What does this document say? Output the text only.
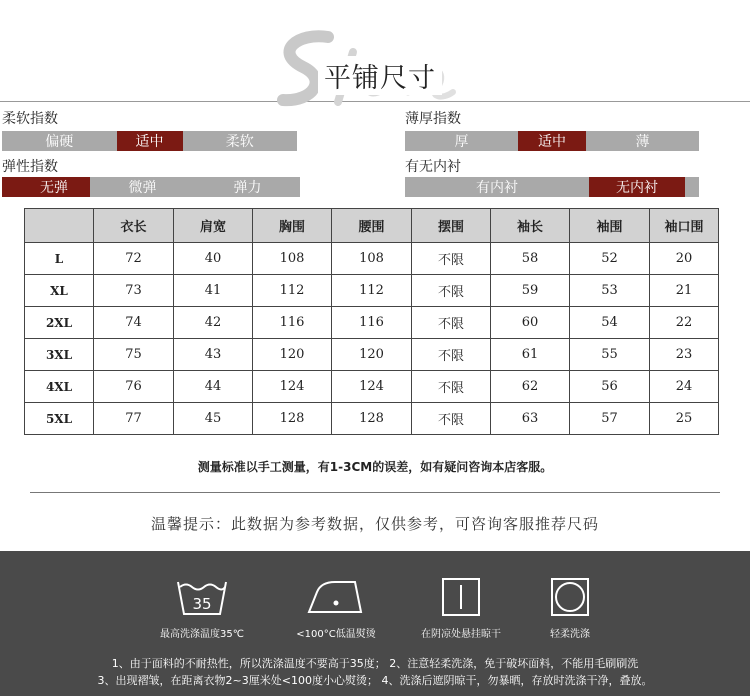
平铺尺寸
柔软指数
偏硬	适中	柔软
薄厚指数
厚	适中	薄
弹性指数
无弹	微弹	弹力
有无内衬
有内衬	无内衬
	衣长	肩宽	胸围	腰围	摆围	袖长	袖围	袖口围
L	72	40	108	108	不限	58	52	20
XL	73	41	112	112	不限	59	53	21
2XL	74	42	116	116	不限	60	54	22
3XL	75	43	120	120	不限	61	55	23
4XL	76	44	124	124	不限	62	56	24
5XL	77	45	128	128	不限	63	57	25
测量标准以手工测量，有1-3CM的误差，如有疑问咨询本店客服。
温馨提示：此数据为参考数据，仅供参考，可咨询客服推荐尺码
35
最高洗涤温度35℃	<100°C低温熨烫	在阴凉处悬挂晾干	轻柔洗涤
1、由于面料的不耐热性，所以洗涤温度不要高于35度； 2、注意轻柔洗涤，免于破坏面料，不能用毛刷刷洗
3、出现褶皱，在距离衣物2~3厘米处<100度小心熨烫； 4、洗涤后遮阴晾干，勿暴晒，存放时洗涤干净，叠放。
